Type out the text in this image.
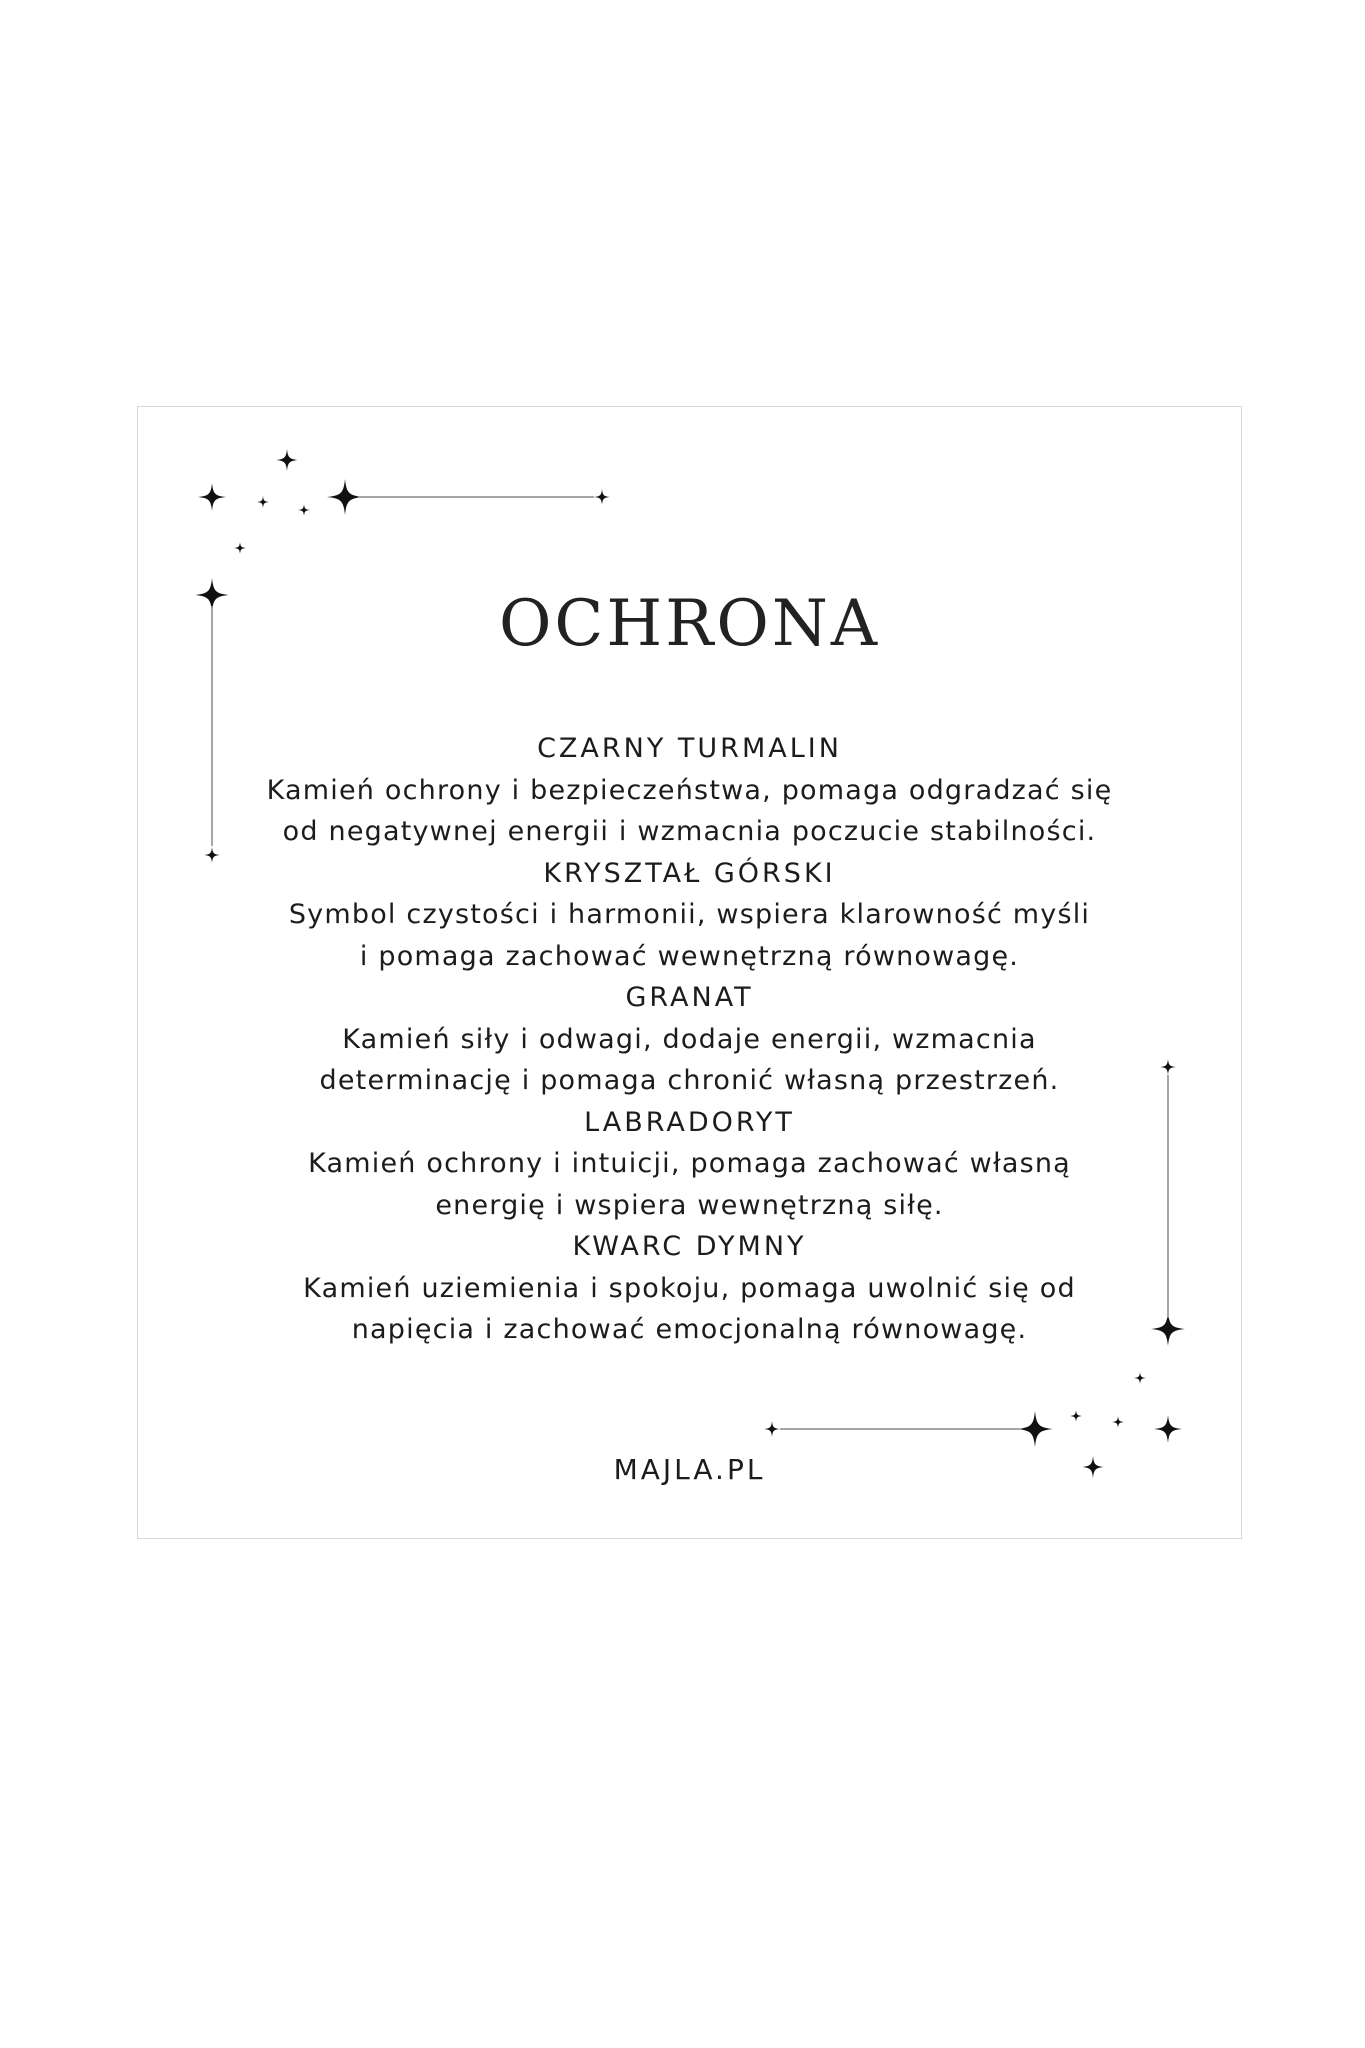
OCHRONA
CZARNY TURMALIN
Kamień ochrony i bezpieczeństwa, pomaga odgradzać się
od negatywnej energii i wzmacnia poczucie stabilności.
KRYSZTAŁ GÓRSKI
Symbol czystości i harmonii, wspiera klarowność myśli
i pomaga zachować wewnętrzną równowagę.
GRANAT
Kamień siły i odwagi, dodaje energii, wzmacnia
determinację i pomaga chronić własną przestrzeń.
LABRADORYT
Kamień ochrony i intuicji, pomaga zachować własną
energię i wspiera wewnętrzną siłę.
KWARC DYMNY
Kamień uziemienia i spokoju, pomaga uwolnić się od
napięcia i zachować emocjonalną równowagę.
MAJLA.PL
